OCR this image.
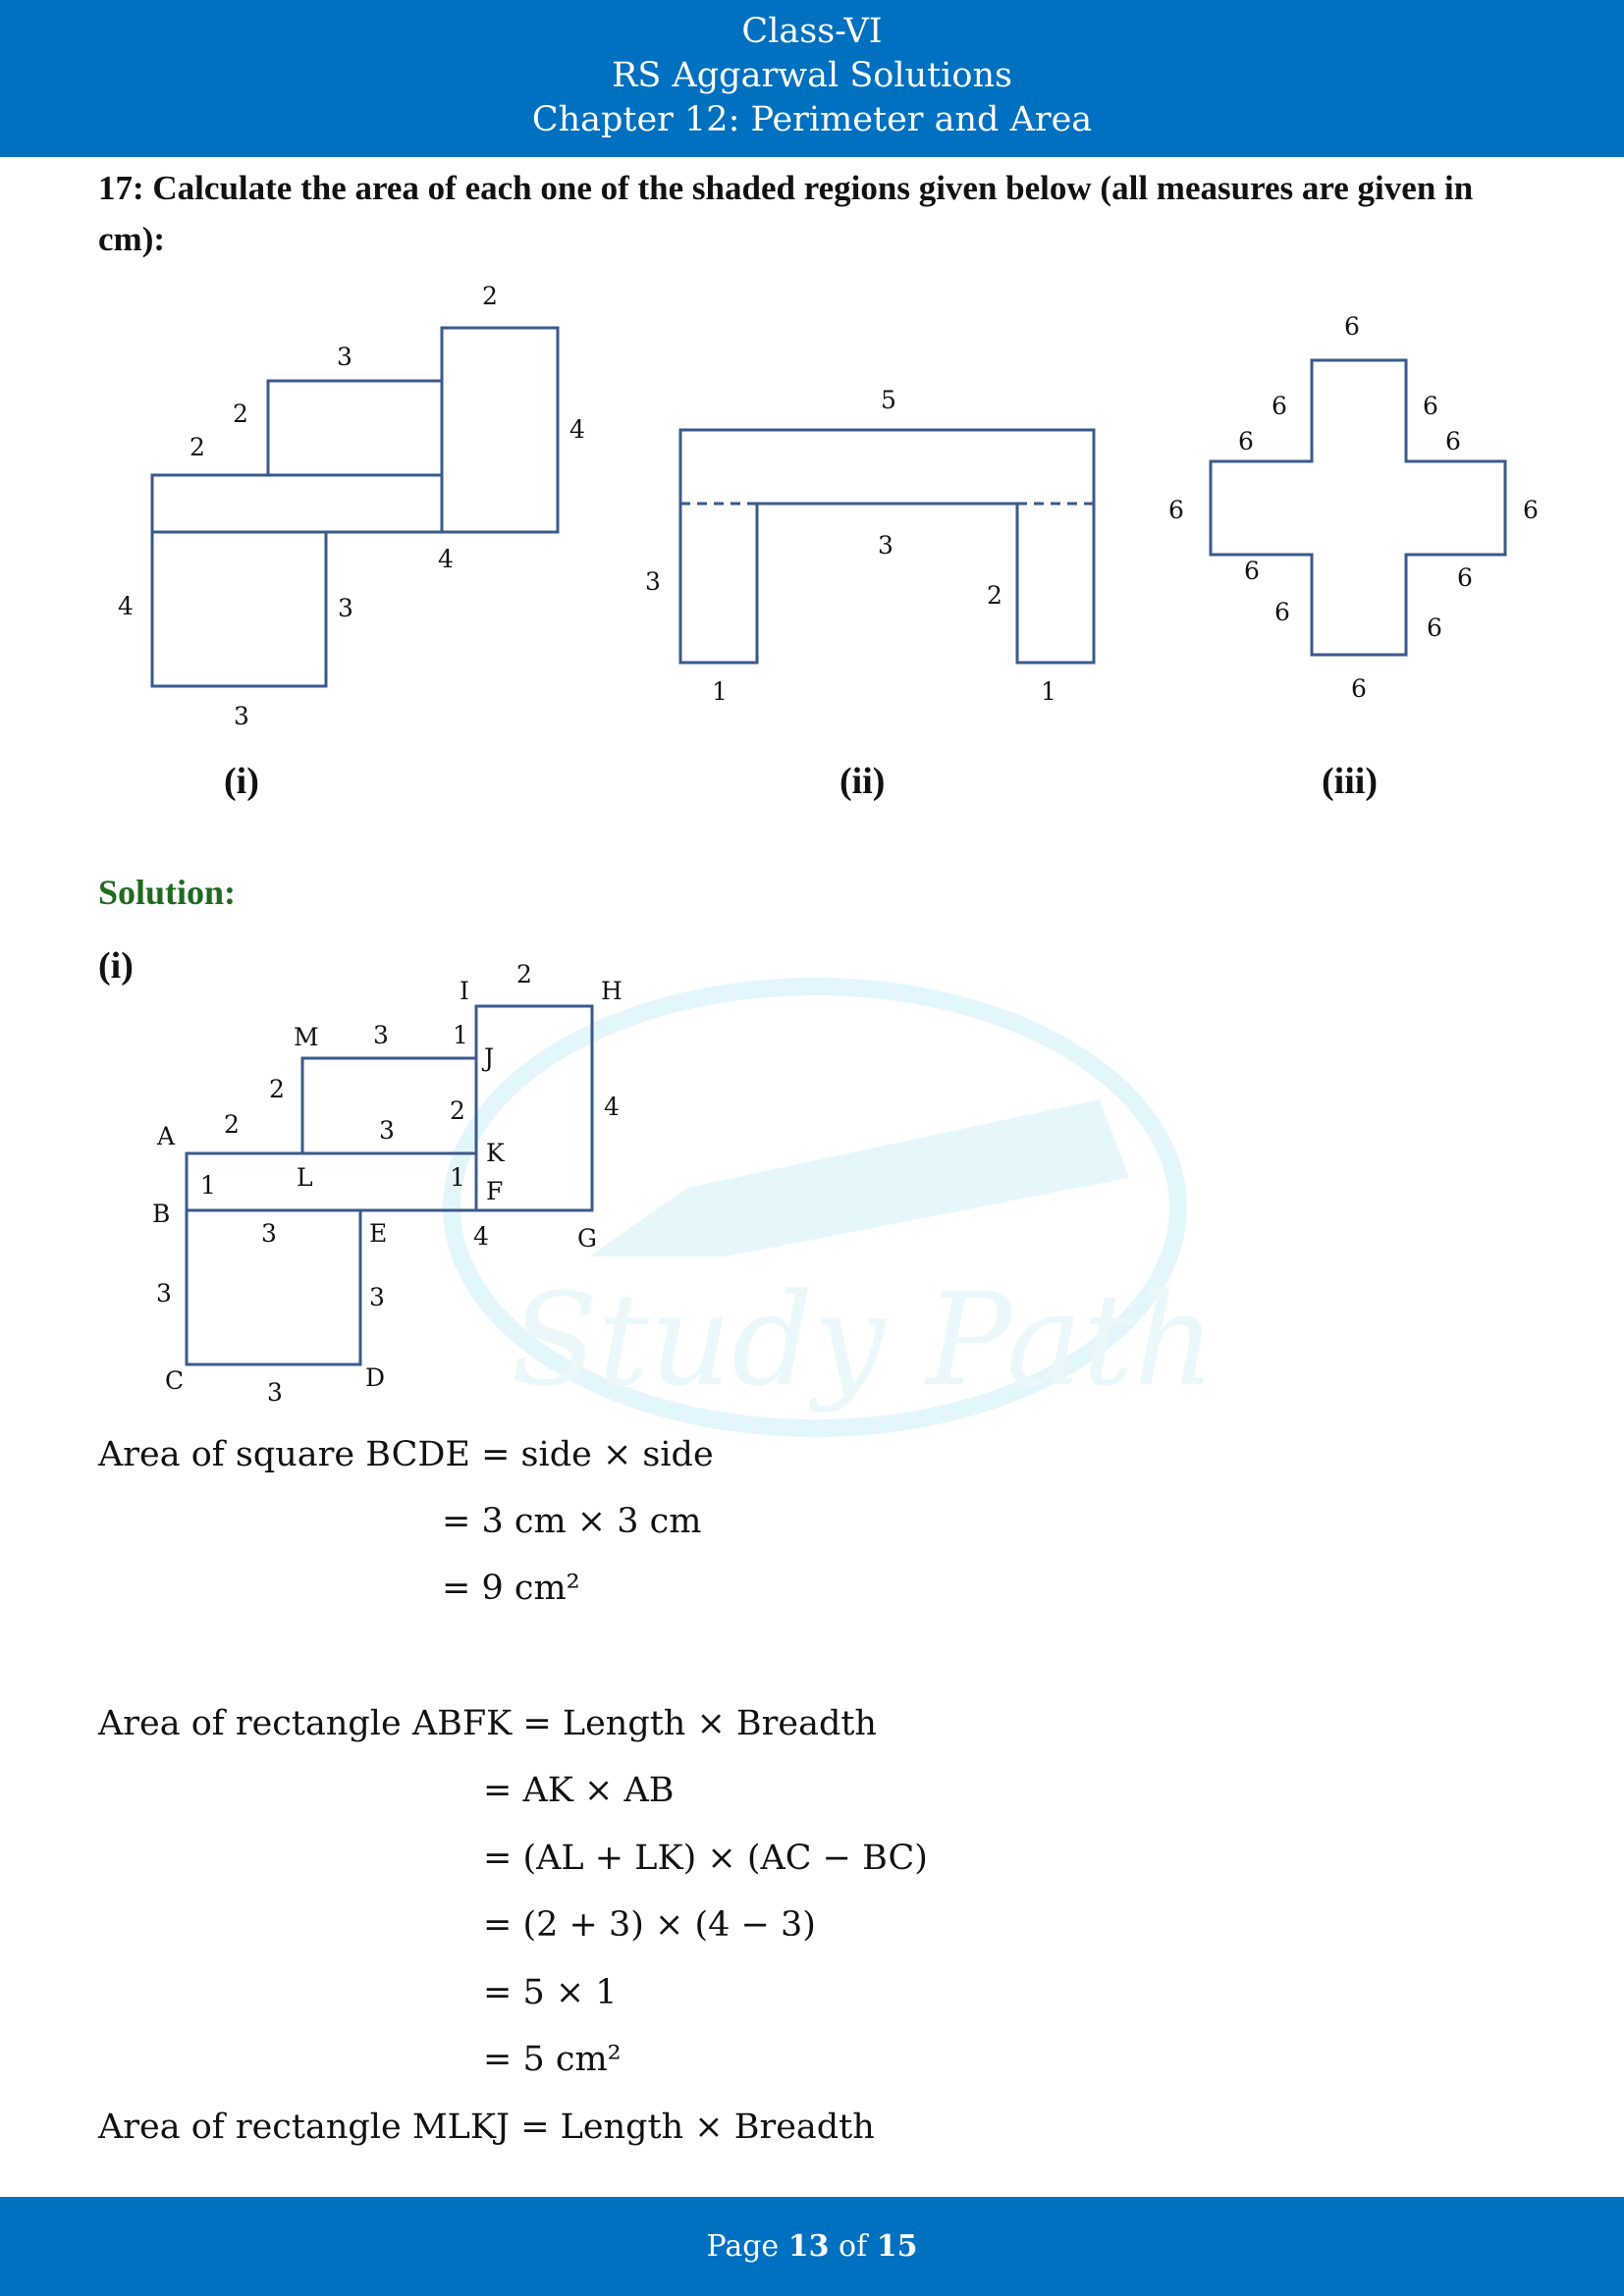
Class-VI
RS Aggarwal Solutions
Chapter 12: Perimeter and Area
Study Path
17: Calculate the area of each one of the shaded regions given below (all measures are given in cm):
2
3
2
2
4
4
4	3
3
5
3
3	2
1	1
6
6	6
6	6
6	6
6	6
6
6
6
I	H
M
J
A
L
K
F
B
E	G
C	D
2
3	1
2
2	3
2
1
1
4
3
3	3
3
4
(i)	(ii)	(iii)
Solution:
(i)
Area of square BCDE = side × side
= 3 cm × 3 cm
= 9 cm²
Area of rectangle ABFK = Length × Breadth
= AK × AB
= (AL + LK) × (AC − BC)
= (2 + 3) × (4 − 3)
= 5 × 1
= 5 cm²
Area of rectangle MLKJ = Length × Breadth
Page 13 of 15
